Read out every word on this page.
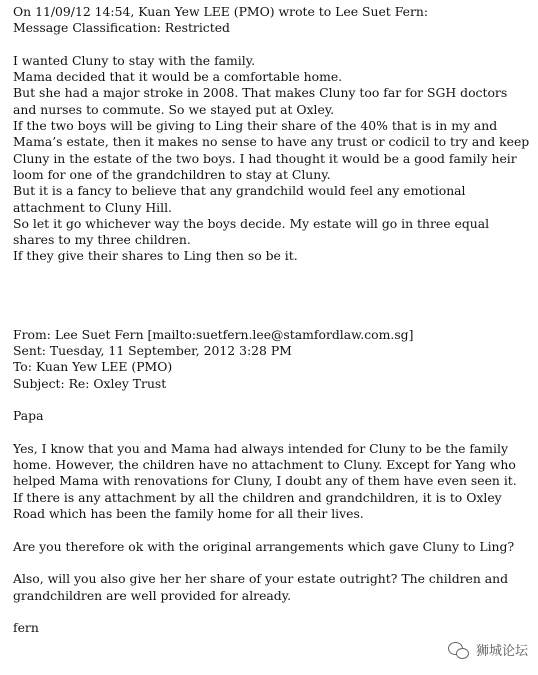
On 11/09/12 14:54, Kuan Yew LEE (PMO) wrote to Lee Suet Fern:
Message Classification: Restricted
I wanted Cluny to stay with the family.
Mama decided that it would be a comfortable home.
But she had a major stroke in 2008. That makes Cluny too far for SGH doctors
and nurses to commute. So we stayed put at Oxley.
If the two boys will be giving to Ling their share of the 40% that is in my and
Mama’s estate, then it makes no sense to have any trust or codicil to try and keep
Cluny in the estate of the two boys. I had thought it would be a good family heir
loom for one of the grandchildren to stay at Cluny.
But it is a fancy to believe that any grandchild would feel any emotional
attachment to Cluny Hill.
So let it go whichever way the boys decide. My estate will go in three equal
shares to my three children.
If they give their shares to Ling then so be it.
From: Lee Suet Fern [mailto:suetfern.lee@stamfordlaw.com.sg]
Sent: Tuesday, 11 September, 2012 3:28 PM
To: Kuan Yew LEE (PMO)
Subject: Re: Oxley Trust
Papa
Yes, I know that you and Mama had always intended for Cluny to be the family
home. However, the children have no attachment to Cluny. Except for Yang who
helped Mama with renovations for Cluny, I doubt any of them have even seen it.
If there is any attachment by all the children and grandchildren, it is to Oxley
Road which has been the family home for all their lives.
Are you therefore ok with the original arrangements which gave Cluny to Ling?
Also, will you also give her her share of your estate outright? The children and
grandchildren are well provided for already.
fern
狮城论坛
